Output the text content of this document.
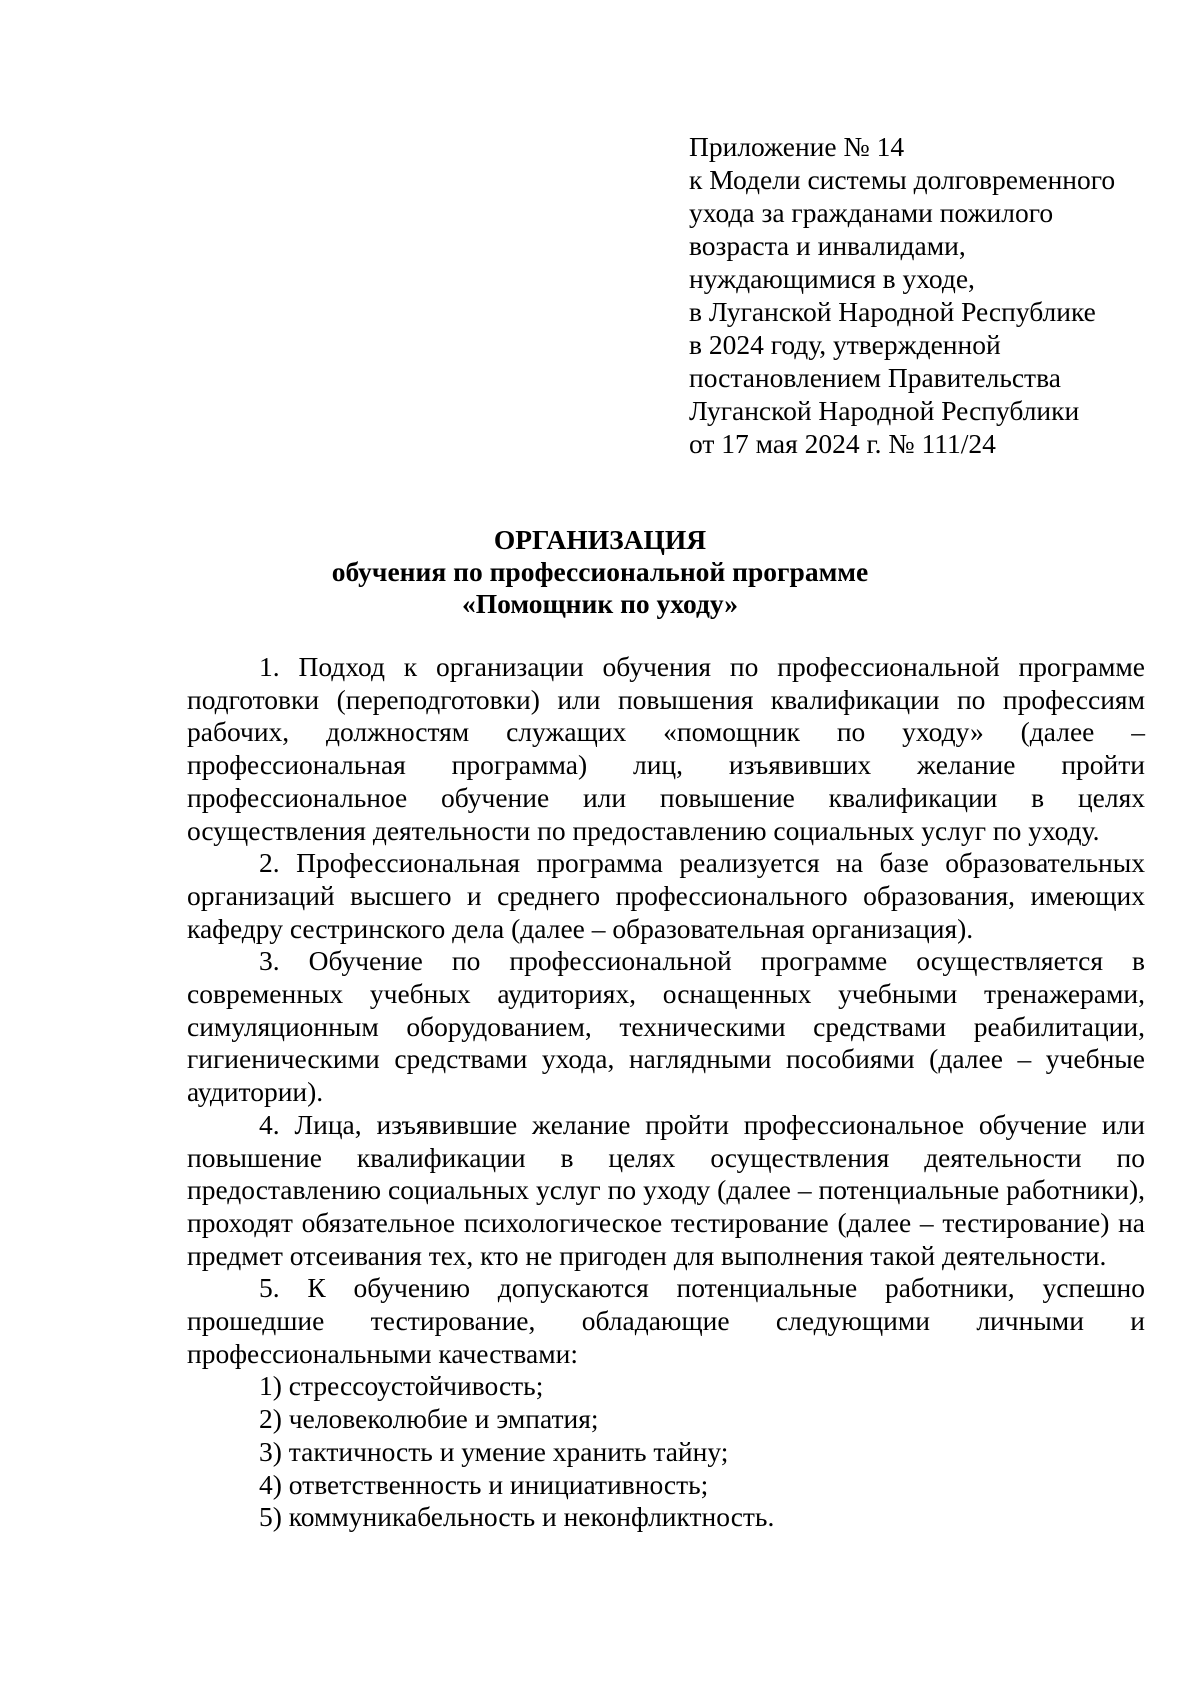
Приложение № 14
к Модели системы долговременного
ухода за гражданами пожилого
возраста и инвалидами,
нуждающимися в уходе,
в Луганской Народной Республике
в 2024 году, утвержденной
постановлением Правительства
Луганской Народной Республики
от 17 мая 2024 г. № 111/24
ОРГАНИЗАЦИЯ
обучения по профессиональной программе
«Помощник по уходу»

1. Подход к организации обучения по профессиональной программе подготовки (переподготовки) или повышения квалификации по профессиям рабочих, должностям служащих «помощник по уходу» (далее – профессиональная программа) лиц, изъявивших желание пройти профессиональное обучение или повышение квалификации в целях осуществления деятельности по предоставлению социальных услуг по уходу.

2. Профессиональная программа реализуется на базе образовательных организаций высшего и среднего профессионального образования, имеющих кафедру сестринского дела (далее – образовательная организация).

3. Обучение по профессиональной программе осуществляется в современных учебных аудиториях, оснащенных учебными тренажерами, симуляционным оборудованием, техническими средствами реабилитации, гигиеническими средствами ухода, наглядными пособиями (далее – учебные аудитории).

4. Лица, изъявившие желание пройти профессиональное обучение или повышение квалификации в целях осуществления деятельности по предоставлению социальных услуг по уходу (далее – потенциальные работники), проходят обязательное психологическое тестирование (далее – тестирование) на предмет отсеивания тех, кто не пригоден для выполнения такой деятельности.

5. К обучению допускаются потенциальные работники, успешно прошедшие тестирование, обладающие следующими личными и профессиональными качествами:

1) стрессоустойчивость;
2) человеколюбие и эмпатия;
3) тактичность и умение хранить тайну;
4) ответственность и инициативность;
5) коммуникабельность и неконфликтность.
